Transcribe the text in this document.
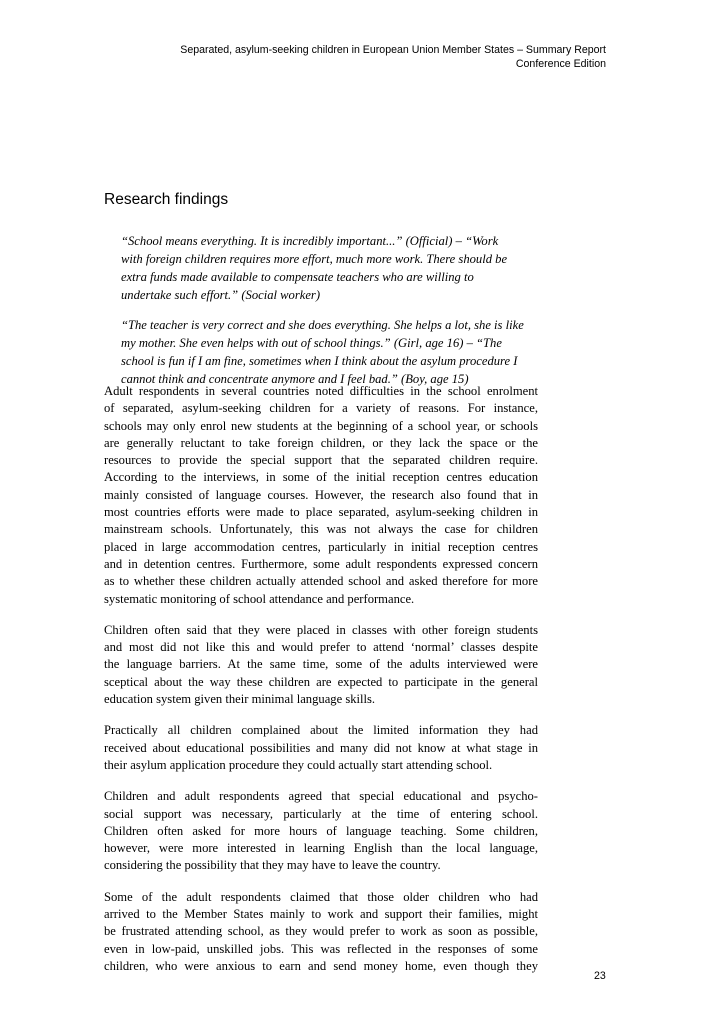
Separated, asylum-seeking children in European Union Member States – Summary Report
Conference Edition
Research findings

“School means everything. It is incredibly important...” (Official) – “Work
with foreign children requires more effort, much more work. There should be
extra funds made available to compensate teachers who are willing to
undertake such effort.” (Social worker)

“The teacher is very correct and she does everything. She helps a lot, she is like
my mother. She even helps with out of school things.” (Girl, age 16) – “The
school is fun if I am fine, sometimes when I think about the asylum procedure I
cannot think and concentrate anymore and I feel bad.” (Boy, age 15)

Adult respondents in several countries noted difficulties in the school enrolment
of separated, asylum-seeking children for a variety of reasons. For instance,
schools may only enrol new students at the beginning of a school year, or schools
are generally reluctant to take foreign children, or they lack the space or the
resources to provide the special support that the separated children require.
According to the interviews, in some of the initial reception centres education
mainly consisted of language courses. However, the research also found that in
most countries efforts were made to place separated, asylum-seeking children in
mainstream schools. Unfortunately, this was not always the case for children
placed in large accommodation centres, particularly in initial reception centres
and in detention centres. Furthermore, some adult respondents expressed concern
as to whether these children actually attended school and asked therefore for more
systematic monitoring of school attendance and performance.

Children often said that they were placed in classes with other foreign students
and most did not like this and would prefer to attend ‘normal’ classes despite
the language barriers. At the same time, some of the adults interviewed were
sceptical about the way these children are expected to participate in the general
education system given their minimal language skills.

Practically all children complained about the limited information they had
received about educational possibilities and many did not know at what stage in
their asylum application procedure they could actually start attending school.

Children and adult respondents agreed that special educational and psycho-
social support was necessary, particularly at the time of entering school.
Children often asked for more hours of language teaching. Some children,
however, were more interested in learning English than the local language,
considering the possibility that they may have to leave the country.

Some of the adult respondents claimed that those older children who had
arrived to the Member States mainly to work and support their families, might
be frustrated attending school, as they would prefer to work as soon as possible,
even in low-paid, unskilled jobs. This was reflected in the responses of some
children, who were anxious to earn and send money home, even though they

23
